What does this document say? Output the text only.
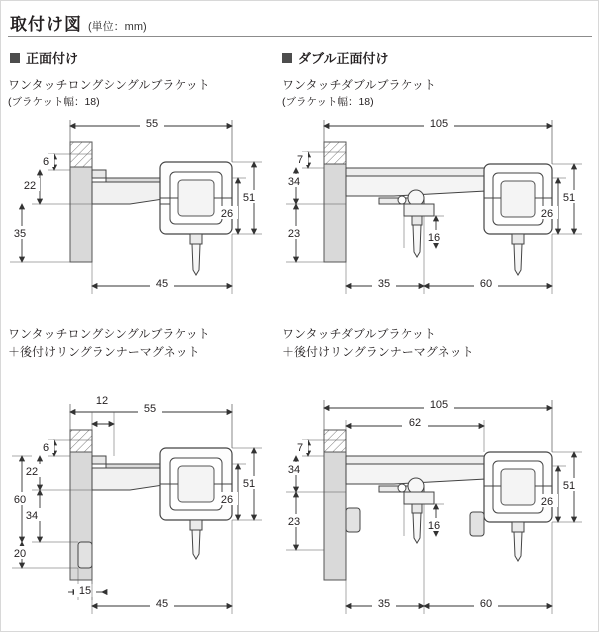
取付け図 (単位：mm)
正面付け	ダブル正面付け
ワンタッチロングシングルブラケット
(ブラケット幅：18)
ワンタッチダブルブラケット
(ブラケット幅：18)
ワンタッチロングシングルブラケット
＋後付けリングランナーマグネット
ワンタッチダブルブラケット
＋後付けリングランナーマグネット
55
6
22
35
51
26
45
105
7
34
23
51
26
16
35	60
55
12
6
22
34
60
20
51
26
15
45
105
62
7
34
23
51
26
16
35	60
